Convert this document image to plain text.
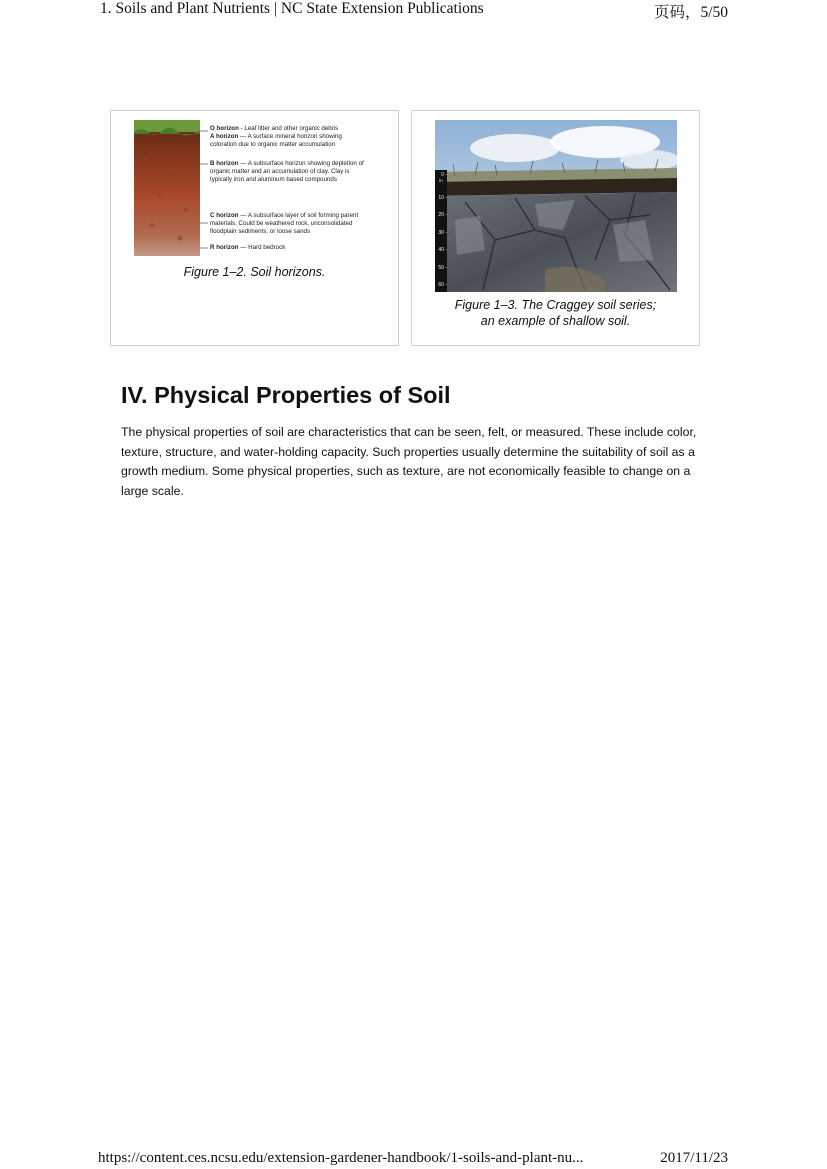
1. Soils and Plant Nutrients | NC State Extension Publications	页码，5/50
O horizon - Leaf litter and other organic debris
A horizon — A surface mineral horizon showing
coloration due to organic matter accumulation
B horizon — A subsurface horizon showing depletion of
organic matter and an accumulation of clay. Clay is
typically iron and aluminum based compounds
C horizon — A subsurface layer of soil forming parent
materials. Could be weathered rock, unconsolidated
floodplain sediments, or loose sands
R horizon — Hard bedrock
Figure 1–2. Soil horizons.
in
0 -
10 -
20 -
30 -
40 -
50 -
60 -
Figure 1–3. The Craggey soil series;
an example of shallow soil.
IV. Physical Properties of Soil

The physical properties of soil are characteristics that can be seen, felt, or measured. These include color, texture, structure, and water-holding capacity. Such properties usually determine the suitability of soil as a growth medium. Some physical properties, such as texture, are not economically feasible to change on a large scale.

https://content.ces.ncsu.edu/extension-gardener-handbook/1-soils-and-plant-nu...	2017/11/23
